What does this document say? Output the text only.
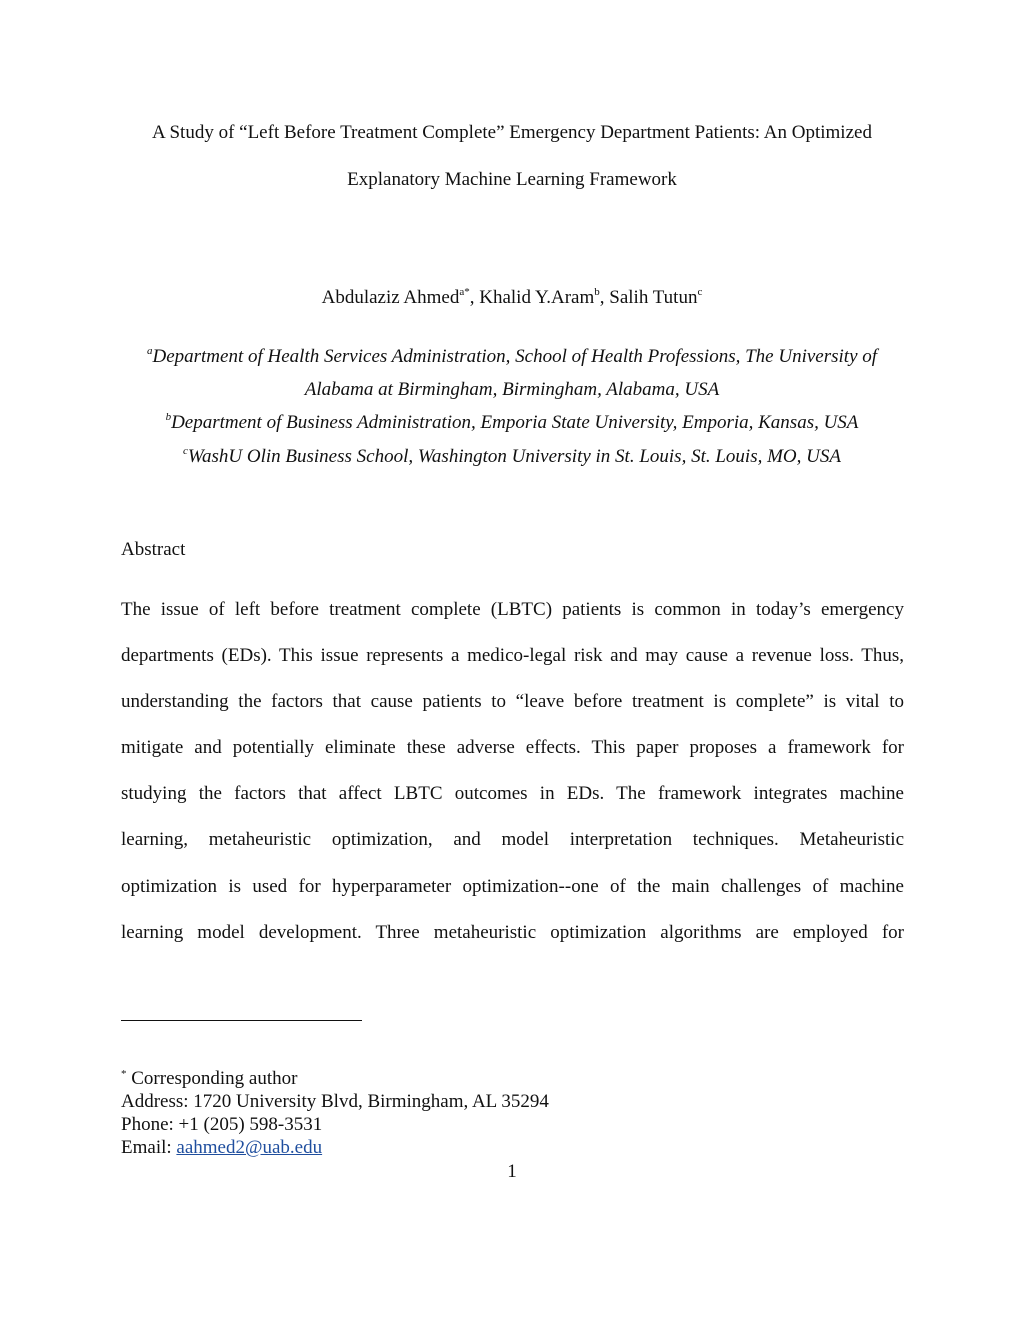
A Study of “Left Before Treatment Complete” Emergency Department Patients: An Optimized
Explanatory Machine Learning Framework
Abdulaziz Ahmed$^{a*}$, Khalid Y.Aram$^b$, Salih Tutun$^c$
$^a$Department of Health Services Administration, School of Health Professions, The University of
Alabama at Birmingham, Birmingham, Alabama, USA
$^b$Department of Business Administration, Emporia State University, Emporia, Kansas, USA
$^c$WashU Olin Business School, Washington University in St. Louis, St. Louis, MO, USA
Abstract
The issue of left before treatment complete (LBTC) patients is common in today’s emergency
departments (EDs). This issue represents a medico-legal risk and may cause a revenue loss. Thus,
understanding the factors that cause patients to “leave before treatment is complete” is vital to
mitigate and potentially eliminate these adverse effects. This paper proposes a framework for
studying the factors that affect LBTC outcomes in EDs. The framework integrates machine
learning, metaheuristic optimization, and model interpretation techniques. Metaheuristic
optimization is used for hyperparameter optimization--one of the main challenges of machine
learning model development. Three metaheuristic optimization algorithms are employed for
* Corresponding author
Address: 1720 University Blvd, Birmingham, AL 35294
Phone: +1 (205) 598-3531
Email: aahmed2@uab.edu
1
